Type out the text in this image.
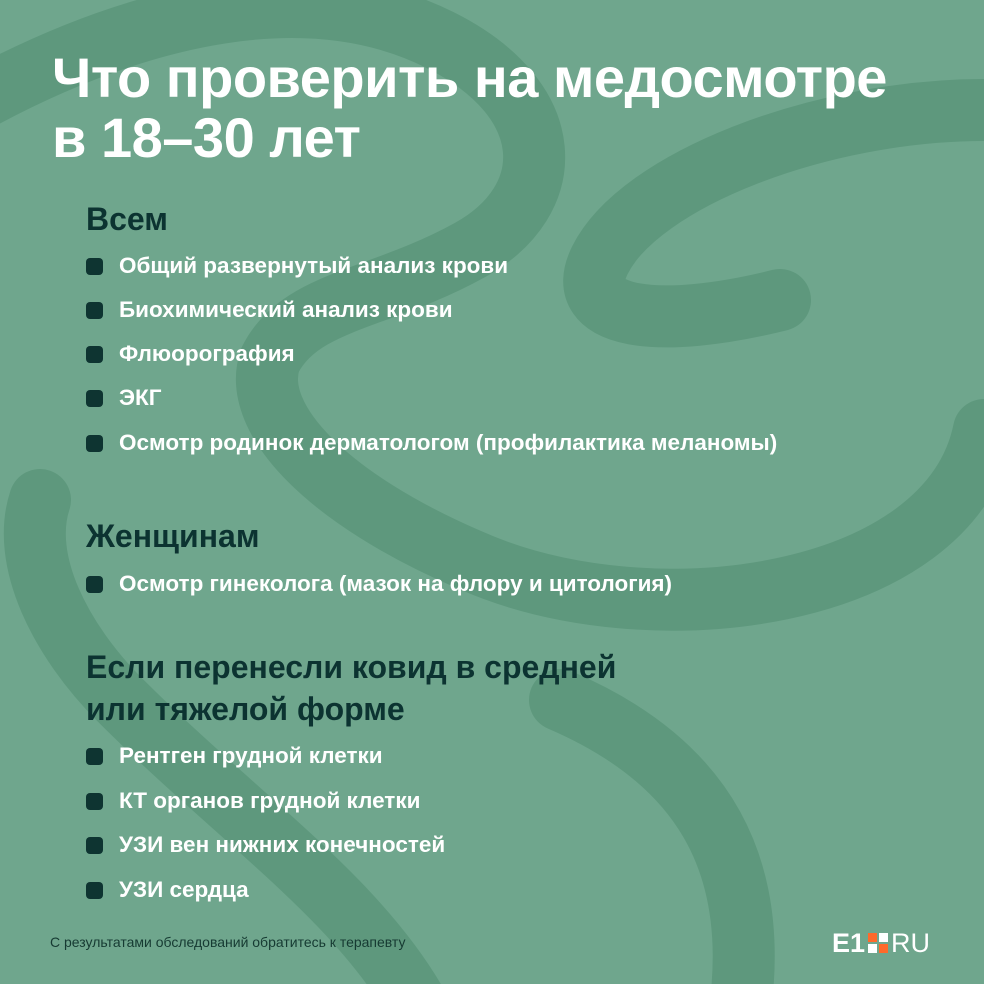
Что проверить на медосмотре
в 18–30 лет
Всем
Общий развернутый анализ крови
Биохимический анализ крови
Флюорография
ЭКГ
Осмотр родинок дерматологом (профилактика меланомы)
Женщинам
Осмотр гинеколога (мазок на флору и цитология)
Если перенесли ковид в средней
или тяжелой форме
Рентген грудной клетки
КТ органов грудной клетки
УЗИ вен нижних конечностей
УЗИ сердца
С результатами обследований обратитесь к терапевту	E1 RU
